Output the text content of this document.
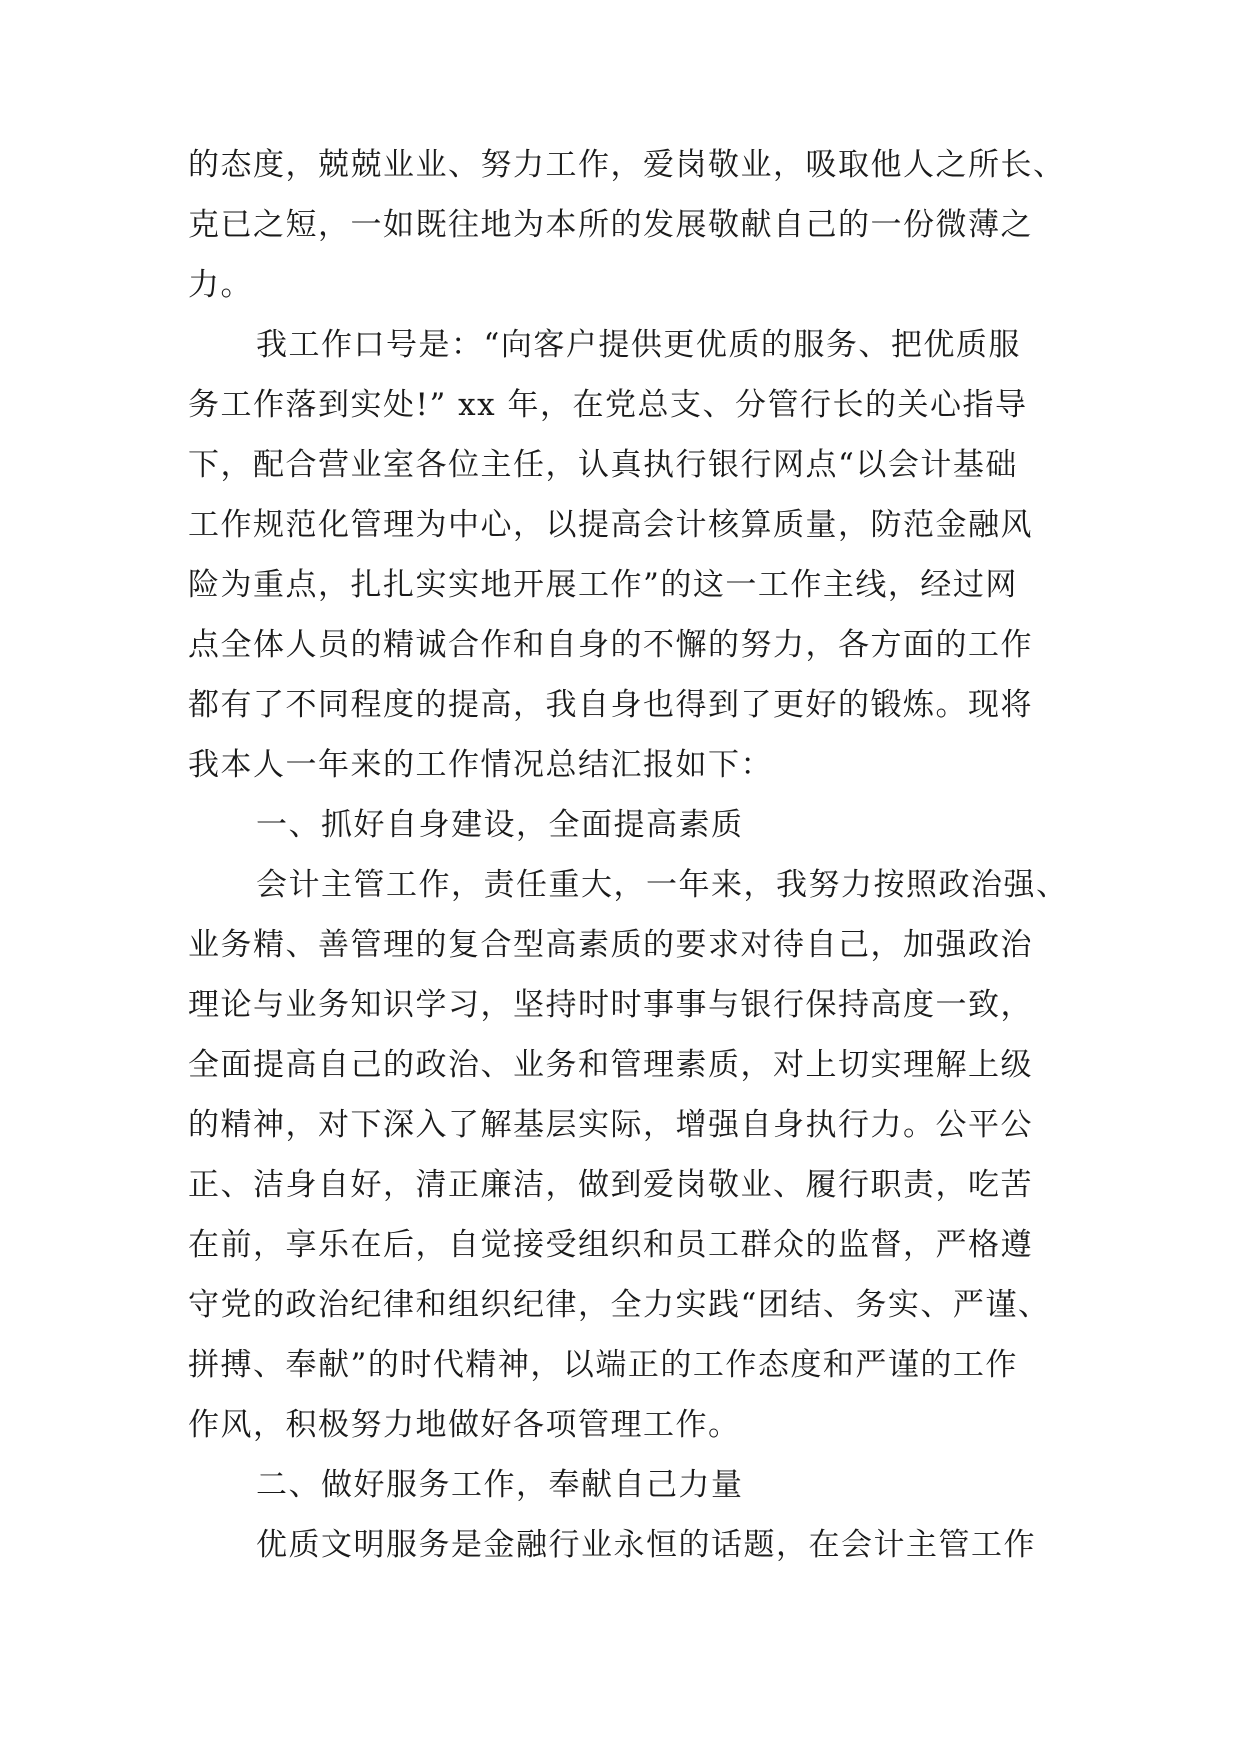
的态度，兢兢业业、努力工作，爱岗敬业，吸取他人之所长、
克已之短，一如既往地为本所的发展敬献自己的一份微薄之
力。
我工作口号是：“向客户提供更优质的服务、把优质服
务工作落到实处!” xx 年，在党总支、分管行长的关心指导
下，配合营业室各位主任，认真执行银行网点“以会计基础
工作规范化管理为中心，以提高会计核算质量，防范金融风
险为重点，扎扎实实地开展工作”的这一工作主线，经过网
点全体人员的精诚合作和自身的不懈的努力，各方面的工作
都有了不同程度的提高，我自身也得到了更好的锻炼。现将
我本人一年来的工作情况总结汇报如下：
一、抓好自身建设，全面提高素质
会计主管工作，责任重大，一年来，我努力按照政治强、
业务精、善管理的复合型高素质的要求对待自己，加强政治
理论与业务知识学习，坚持时时事事与银行保持高度一致，
全面提高自己的政治、业务和管理素质，对上切实理解上级
的精神，对下深入了解基层实际，增强自身执行力。公平公
正、洁身自好，清正廉洁，做到爱岗敬业、履行职责，吃苦
在前，享乐在后，自觉接受组织和员工群众的监督，严格遵
守党的政治纪律和组织纪律，全力实践“团结、务实、严谨、
拼搏、奉献”的时代精神，以端正的工作态度和严谨的工作
作风，积极努力地做好各项管理工作。
二、做好服务工作，奉献自己力量
优质文明服务是金融行业永恒的话题，在会计主管工作
